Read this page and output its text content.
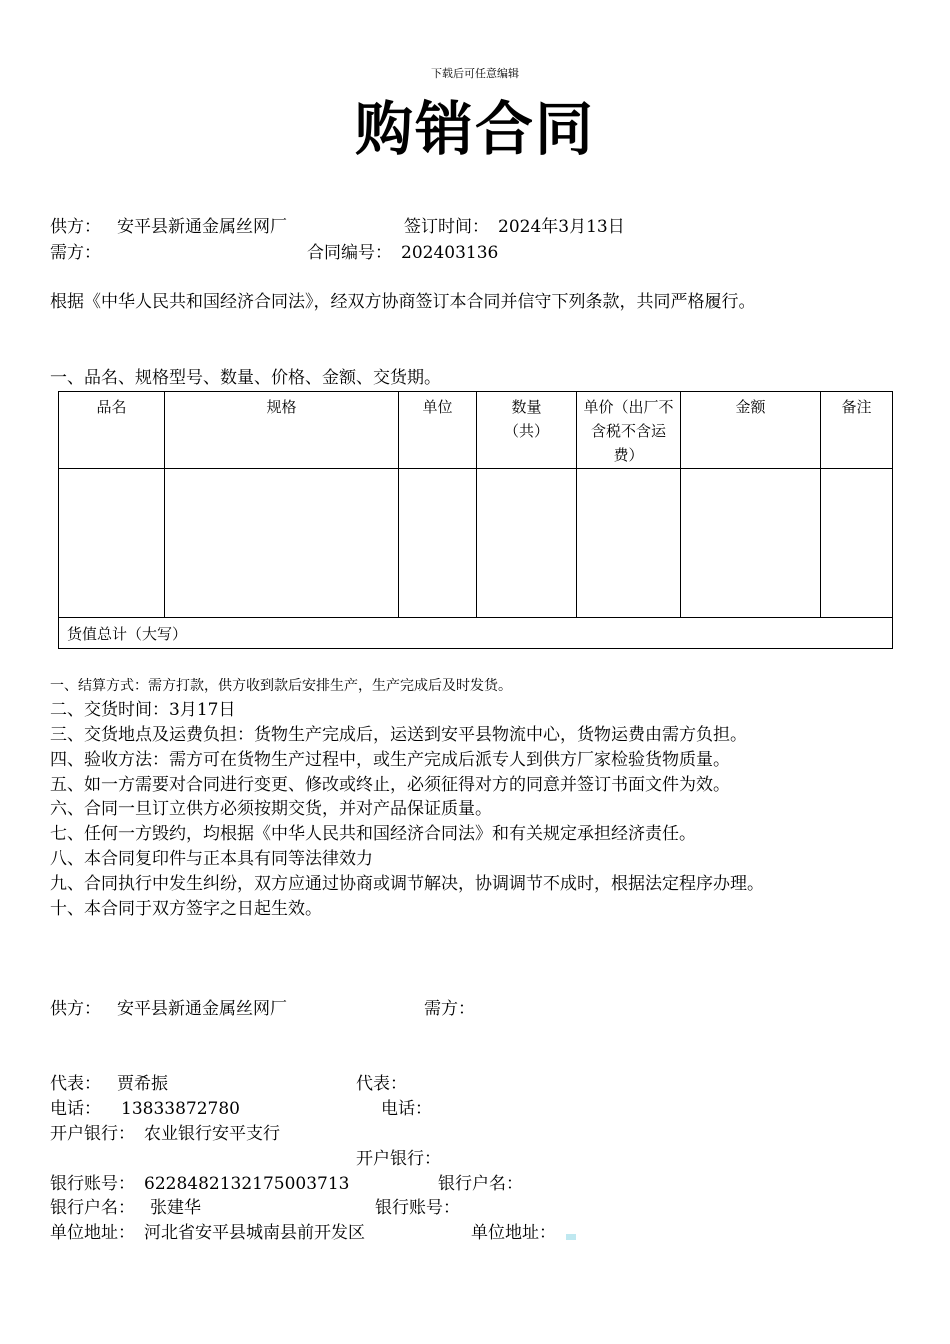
下载后可任意编辑
购销合同
供方： 安平县新通金属丝网厂	签订时间： 2024年3月13日
需方：	合同编号： 202403136
根据《中华人民共和国经济合同法》，经双方协商签订本合同并信守下列条款，共同严格履行。
一、品名、规格型号、数量、价格、金额、交货期。
品名	规格	单位	数量（共）	单价（出厂不含税不含运费）	金额	备注

货值总计（大写）						
一、结算方式：需方打款，供方收到款后安排生产，生产完成后及时发货。
二、交货时间：3月17日
三、交货地点及运费负担：货物生产完成后，运送到安平县物流中心，货物运费由需方负担。
四、验收方法：需方可在货物生产过程中，或生产完成后派专人到供方厂家检验货物质量。
五、如一方需要对合同进行变更、修改或终止，必须征得对方的同意并签订书面文件为效。
六、合同一旦订立供方必须按期交货，并对产品保证质量。
七、任何一方毁约，均根据《中华人民共和国经济合同法》和有关规定承担经济责任。
八、本合同复印件与正本具有同等法律效力
九、合同执行中发生纠纷，双方应通过协商或调节解决，协调调节不成时，根据法定程序办理。
十、本合同于双方签字之日起生效。
供方： 安平县新通金属丝网厂	需方：
代表： 贾希振	代表：
电话： 13833872780	电话：
开户银行： 农业银行安平支行
开户银行：
银行账号： 6228482132175003713	银行户名：
银行户名： 张建华	银行账号：
单位地址： 河北省安平县城南县前开发区	单位地址：
